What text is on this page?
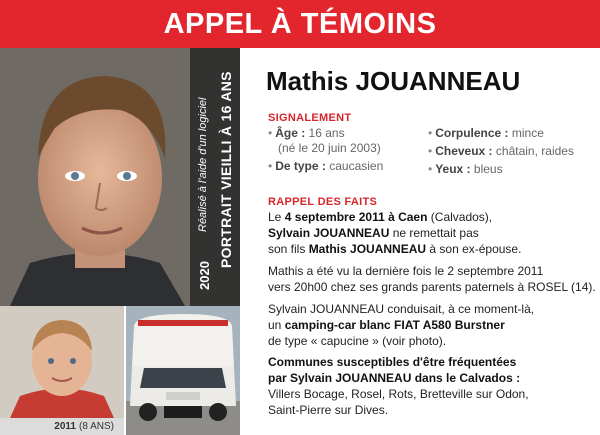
APPEL À TÉMOINS
2020
Réalisé à l'aide d'un logiciel PORTRAIT VIEILLI À 16 ANS
2011 (8 ANS)
Mathis JOUANNEAU
SIGNALEMENT
• Âge : 16 ans
(né le 20 juin 2003)
• De type : caucasien
• Corpulence : mince
• Cheveux : châtain, raides
• Yeux : bleus
RAPPEL DES FAITS
Le 4 septembre 2011 à Caen (Calvados),
Sylvain JOUANNEAU ne remettait pas
son fils Mathis JOUANNEAU à son ex-épouse.
Mathis a été vu la dernière fois le 2 septembre 2011
vers 20h00 chez ses grands parents paternels à ROSEL (14).
Sylvain JOUANNEAU conduisait, à ce moment-là,
un camping-car blanc FIAT A580 Burstner
de type « capucine » (voir photo).
Communes susceptibles d'être fréquentées
par Sylvain JOUANNEAU dans le Calvados :
Villers Bocage, Rosel, Rots, Bretteville sur Odon,
Saint-Pierre sur Dives.
